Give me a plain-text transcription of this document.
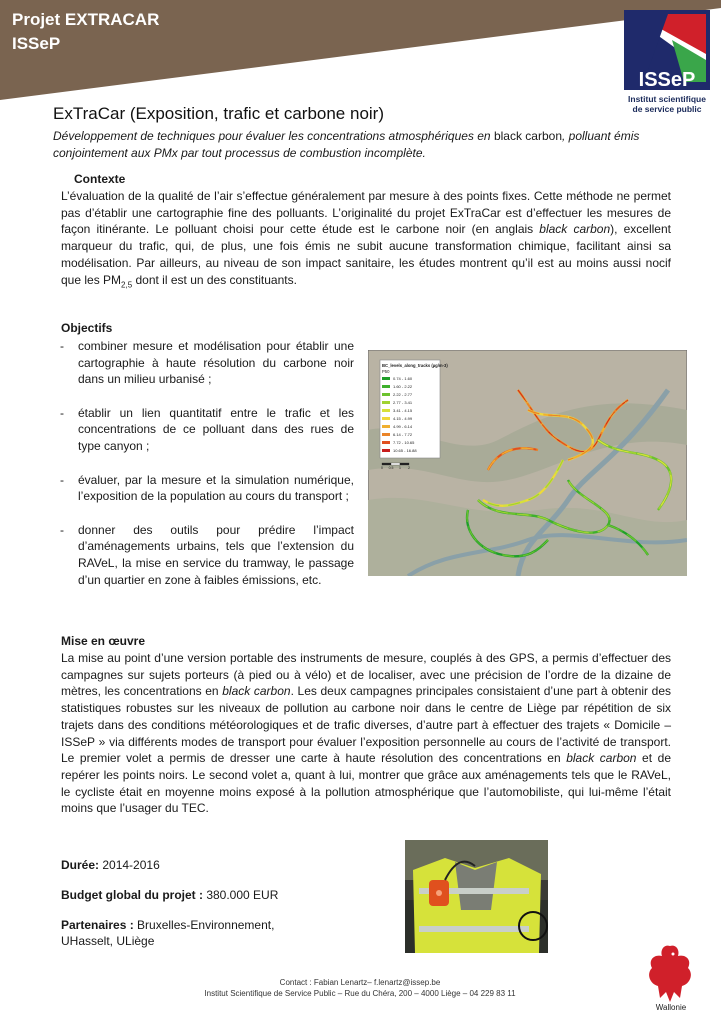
Projet EXTRACAR
ISSeP
ISSeP
Institut scientifique
de service public
ExTraCar (Exposition, trafic et carbone noir)
Développement de techniques pour évaluer les concentrations atmosphériques en black carbon, polluant émis conjointement aux PMx par tout processus de combustion incomplète.
Contexte
L’évaluation de la qualité de l’air s’effectue généralement par mesure à des points fixes. Cette méthode ne permet pas d’établir une cartographie fine des polluants. L’originalité du projet ExTraCar est d’effectuer les mesures de façon itinérante. Le polluant choisi pour cette étude est le carbone noir (en anglais black carbon), excellent marqueur du trafic, qui, de plus, une fois émis ne subit aucune transformation chimique, facilitant ainsi sa modélisation. Par ailleurs, au niveau de son impact sanitaire, les études montrent qu’il est au moins aussi nocif que les $PM_{2,5}$ dont il est un des constituants.
Objectifs
- combiner mesure et modélisation pour établir une cartographie à haute résolution du carbone noir dans un milieu urbanisé ;
- établir un lien quantitatif entre le trafic et les concentrations de ce polluant dans des rues de type canyon ;
- évaluer, par la mesure et la simulation numérique, l’exposition de la population au cours du transport ;
- donner des outils pour prédire l’impact d’aménagements urbains, tels que l’extension du RAVeL, la mise en service du tramway, le passage d’un quartier en zone à faibles émissions, etc.
BC_levels_along_tracks (µg/m-3)
P50
0.74 - 1.60
1.60 - 2.22
2.22 - 2.77
2.77 - 3.41
3.41 - 4.15
4.15 - 4.99
4.99 - 6.14
6.14 - 7.72
7.72 - 10.65
10.65 - 16.88
0 0.5 1 2
Mise en œuvre
La mise au point d’une version portable des instruments de mesure, couplés à des GPS, a permis d’effectuer des campagnes sur sujets porteurs (à pied ou à vélo) et de localiser, avec une précision de l’ordre de la dizaine de mètres, les concentrations en black carbon. Les deux campagnes principales consistaient d’une part à obtenir des statistiques robustes sur les niveaux de pollution au carbone noir dans le centre de Liège par répétition de six trajets dans des conditions météorologiques et de trafic diverses, d’autre part à effectuer des trajets « Domicile – ISSeP » via différents modes de transport pour évaluer l’exposition personnelle au cours de l’activité de transport. Le premier volet a permis de dresser une carte à haute résolution des concentrations en black carbon et de repérer les points noirs. Le second volet a, quant à lui, montrer que grâce aux aménagements tels que le RAVeL, le cycliste était en moyenne moins exposé à la pollution atmosphérique que l’automobiliste, qui lui-même l’était moins que l’usager du TEC.
Durée: 2014-2016
Budget global du projet : 380.000 EUR
Partenaires : Bruxelles-Environnement, UHasselt, ULiège
Contact : Fabian Lenartz– f.lenartz@issep.be
Institut Scientifique de Service Public – Rue du Chéra, 200 – 4000 Liège – 04 229 83 11
Wallonie
